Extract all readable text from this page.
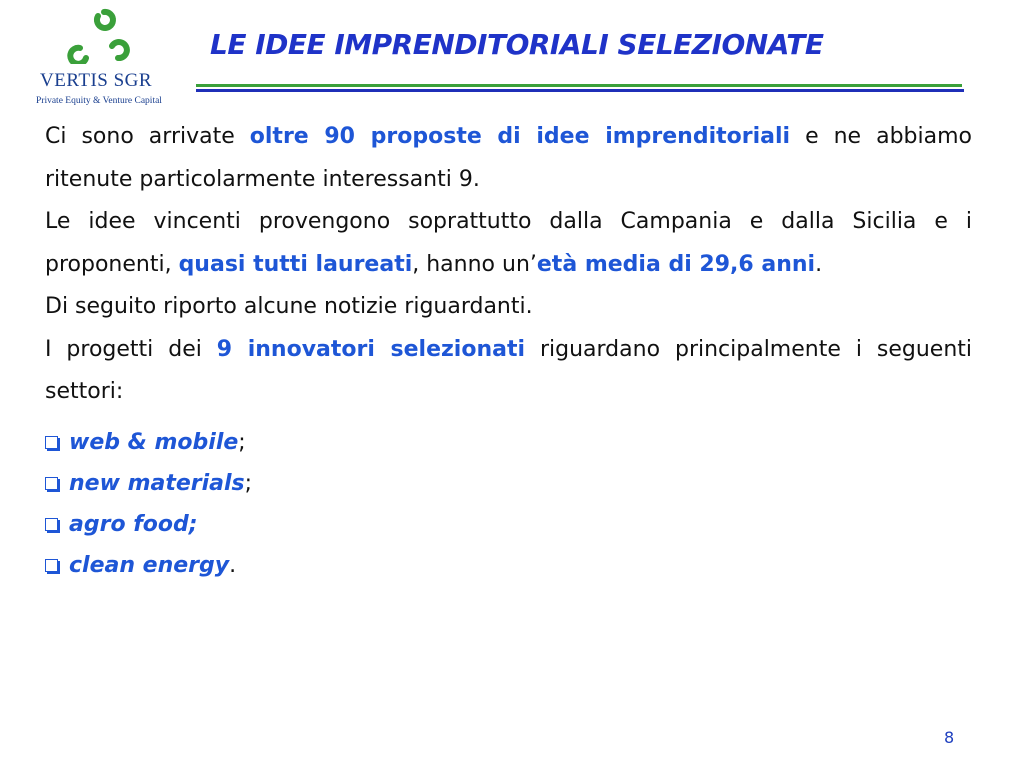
VERTIS SGR
Private Equity & Venture Capital
LE IDEE IMPRENDITORIALI SELEZIONATE

Ci sono arrivate oltre 90 proposte di idee imprenditoriali e ne abbiamo ritenute particolarmente interessanti 9.

Le idee vincenti provengono soprattutto dalla Campania e dalla Sicilia e i proponenti, quasi tutti laureati, hanno un’età media di 29,6 anni.

Di seguito riporto alcune notizie riguardanti.

I progetti dei 9 innovatori selezionati riguardano principalmente i seguenti settori:

web & mobile ;
new materials ;
agro food;
clean energy .
8
